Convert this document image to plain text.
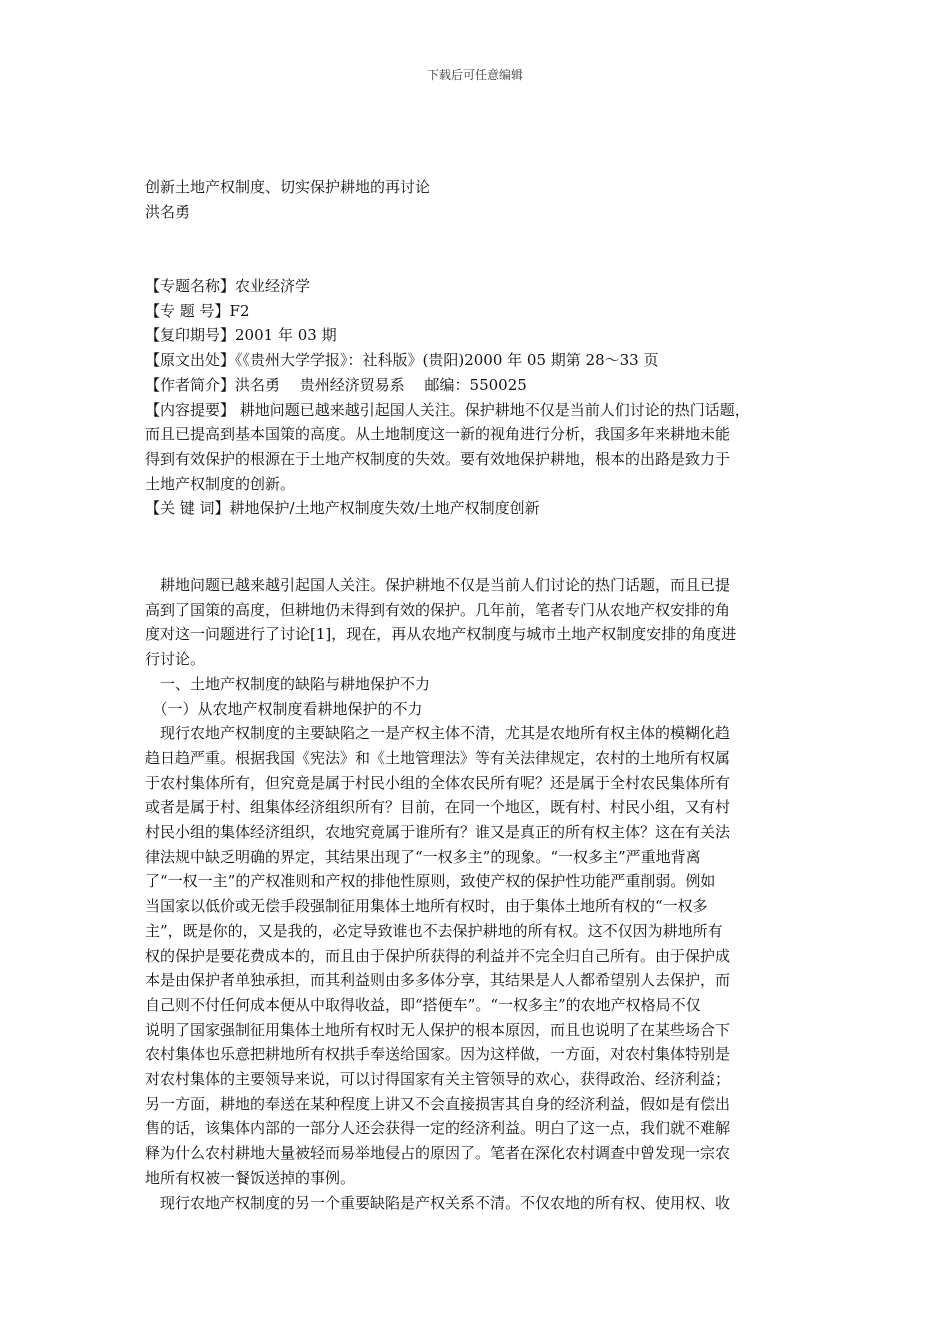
下载后可任意编辑
创新土地产权制度、切实保护耕地的再讨论
洪名勇
【专题名称】农业经济学
【专 题 号】F2
【复印期号】2001 年 03 期
【原文出处】《《贵州大学学报》：社科版》(贵阳)2000 年 05 期第 28～33 页
【作者简介】洪名勇　 贵州经济贸易系　 邮编：550025
【内容提要】 耕地问题已越来越引起国人关注。保护耕地不仅是当前人们讨论的热门话题，
而且已提高到基本国策的高度。从土地制度这一新的视角进行分析，我国多年来耕地未能
得到有效保护的根源在于土地产权制度的失效。要有效地保护耕地，根本的出路是致力于
土地产权制度的创新。
【关 键 词】耕地保护/土地产权制度失效/土地产权制度创新
　耕地问题已越来越引起国人关注。保护耕地不仅是当前人们讨论的热门话题，而且已提
高到了国策的高度，但耕地仍未得到有效的保护。几年前，笔者专门从农地产权安排的角
度对这一问题进行了讨论[1]，现在，再从农地产权制度与城市土地产权制度安排的角度进
行讨论。
　一、土地产权制度的缺陷与耕地保护不力
　（一）从农地产权制度看耕地保护的不力
　现行农地产权制度的主要缺陷之一是产权主体不清，尤其是农地所有权主体的模糊化趋
趋日趋严重。根据我国《宪法》和《土地管理法》等有关法律规定，农村的土地所有权属
于农村集体所有，但究竟是属于村民小组的全体农民所有呢？还是属于全村农民集体所有
或者是属于村、组集体经济组织所有？目前，在同一个地区，既有村、村民小组，又有村
村民小组的集体经济组织，农地究竟属于谁所有？谁又是真正的所有权主体？这在有关法
律法规中缺乏明确的界定，其结果出现了“一权多主”的现象。“一权多主”严重地背离
了“一权一主”的产权准则和产权的排他性原则，致使产权的保护性功能严重削弱。例如
当国家以低价或无偿手段强制征用集体土地所有权时，由于集体土地所有权的“一权多
主”，既是你的，又是我的，必定导致谁也不去保护耕地的所有权。这不仅因为耕地所有
权的保护是要花费成本的，而且由于保护所获得的利益并不完全归自己所有。由于保护成
本是由保护者单独承担，而其利益则由多多体分享，其结果是人人都希望别人去保护，而
自己则不付任何成本便从中取得收益，即“搭便车”。“一权多主”的农地产权格局不仅
说明了国家强制征用集体土地所有权时无人保护的根本原因，而且也说明了在某些场合下
农村集体也乐意把耕地所有权拱手奉送给国家。因为这样做，一方面，对农村集体特别是
对农村集体的主要领导来说，可以讨得国家有关主管领导的欢心，获得政治、经济利益；
另一方面，耕地的奉送在某种程度上讲又不会直接损害其自身的经济利益，假如是有偿出
售的话，该集体内部的一部分人还会获得一定的经济利益。明白了这一点，我们就不难解
释为什么农村耕地大量被轻而易举地侵占的原因了。笔者在深化农村调查中曾发现一宗农
地所有权被一餐饭送掉的事例。
　现行农地产权制度的另一个重要缺陷是产权关系不清。不仅农地的所有权、使用权、收
